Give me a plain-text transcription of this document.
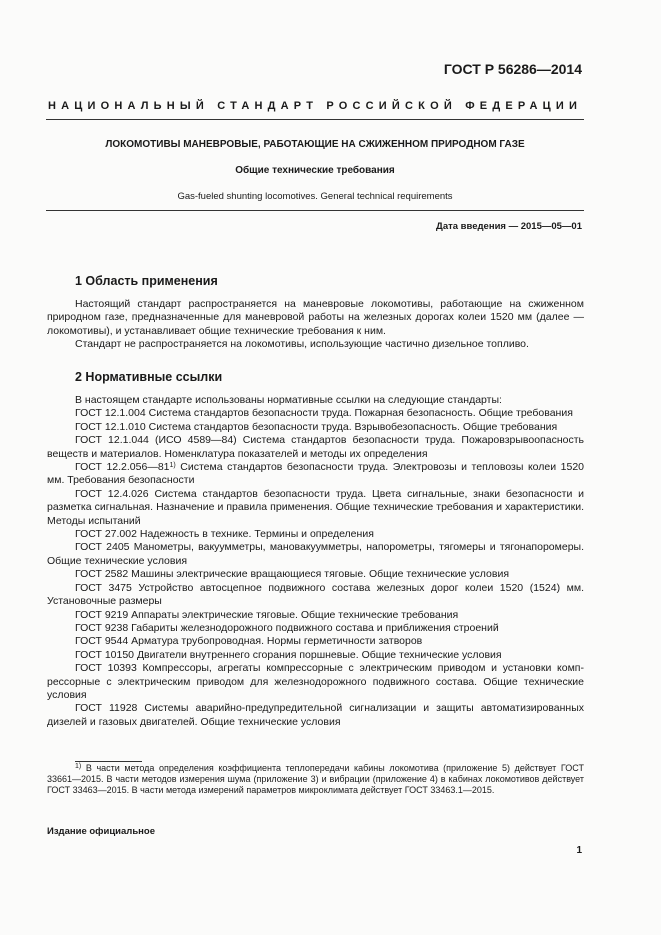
ГОСТ Р 56286—2014
НАЦИОНАЛЬНЫЙ СТАНДАРТ РОССИЙСКОЙ ФЕДЕРАЦИИ
ЛОКОМОТИВЫ МАНЕВРОВЫЕ, РАБОТАЮЩИЕ НА СЖИЖЕННОМ ПРИРОДНОМ ГАЗЕ
Общие технические требования
Gas-fueled shunting locomotives. General technical requirements
Дата введения — 2015—05—01
1 Область применения

Настоящий стандарт распространяется на маневровые локомотивы, работающие на сжиженном природном газе, предназначенные для маневровой работы на железных дорогах колеи 1520 мм (далее — локомотивы), и устанавливает общие технические требования к ним.

Стандарт не распространяется на локомотивы, использующие частично дизельное топливо.

2 Нормативные ссылки

В настоящем стандарте использованы нормативные ссылки на следующие стандарты:

ГОСТ 12.1.004 Система стандартов безопасности труда. Пожарная безопасность. Общие требования

ГОСТ 12.1.010 Система стандартов безопасности труда. Взрывобезопасность. Общие требования

ГОСТ 12.1.044 (ИСО 4589—84) Система стандартов безопасности труда. Пожаровзрывоопасность веществ и материалов. Номенклатура показателей и методы их определения

ГОСТ 12.2.056—81$^{1)}$ Система стандартов безопасности труда. Электровозы и тепловозы колеи 1520 мм. Требования безопасности

ГОСТ 12.4.026 Система стандартов безопасности труда. Цвета сигнальные, знаки безопасности и разметка сигнальная. Назначение и правила применения. Общие технические требования и характеристики. Методы испытаний

ГОСТ 27.002 Надежность в технике. Термины и определения

ГОСТ 2405 Манометры, вакуумметры, мановакуумметры, напорометры, тягомеры и тягонапоромеры. Общие технические условия

ГОСТ 2582 Машины электрические вращающиеся тяговые. Общие технические условия

ГОСТ 3475 Устройство автосцепное подвижного состава железных дорог колеи 1520 (1524) мм. Установочные размеры

ГОСТ 9219 Аппараты электрические тяговые. Общие технические требования

ГОСТ 9238 Габариты железнодорожного подвижного состава и приближения строений

ГОСТ 9544 Арматура трубопроводная. Нормы герметичности затворов

ГОСТ 10150 Двигатели внутреннего сгорания поршневые. Общие технические условия

ГОСТ 10393 Компрессоры, агрегаты компрессорные с электрическим приводом и установки компрессорные с электрическим приводом для железнодорожного подвижного состава. Общие технические условия

ГОСТ 11928 Системы аварийно-предупредительной сигнализации и защиты автоматизированных дизелей и газовых двигателей. Общие технические условия

$^{1)}$ В части метода определения коэффициента теплопередачи кабины локомотива (приложение 5) действует ГОСТ 33661—2015. В части методов измерения шума (приложение 3) и вибрации (приложение 4) в кабинах локомотивов действует ГОСТ 33463—2015. В части метода измерений параметров микроклимата действует ГОСТ 33463.1—2015.

Издание официальное
1
